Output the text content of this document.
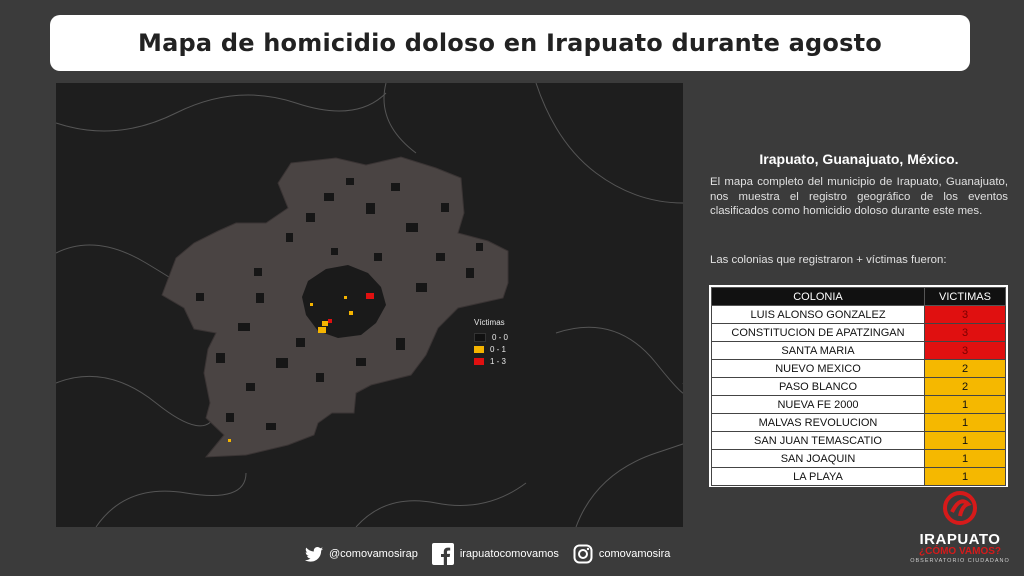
Mapa de homicidio doloso en Irapuato durante agosto
Víctimas
0 - 0
0 - 1
1 - 3
Irapuato, Guanajuato, México.
El mapa completo del municipio de Irapuato, Guanajuato, nos muestra el registro geográfico de los eventos clasificados como homicidio doloso durante este mes.
Las colonias que registraron + víctimas fueron:
COLONIA	VICTIMAS
LUIS ALONSO GONZALEZ	3
CONSTITUCION DE APATZINGAN	3
SANTA MARIA	3
NUEVO MEXICO	2
PASO BLANCO	2
NUEVA FE 2000	1
MALVAS REVOLUCION	1
SAN JUAN TEMASCATIO	1
SAN JOAQUIN	1
LA PLAYA	1
@comovamosirap	irapuatocomovamos	comovamosira
IRAPUATO
¿CÓMO VAMOS?
OBSERVATORIO CIUDADANO
